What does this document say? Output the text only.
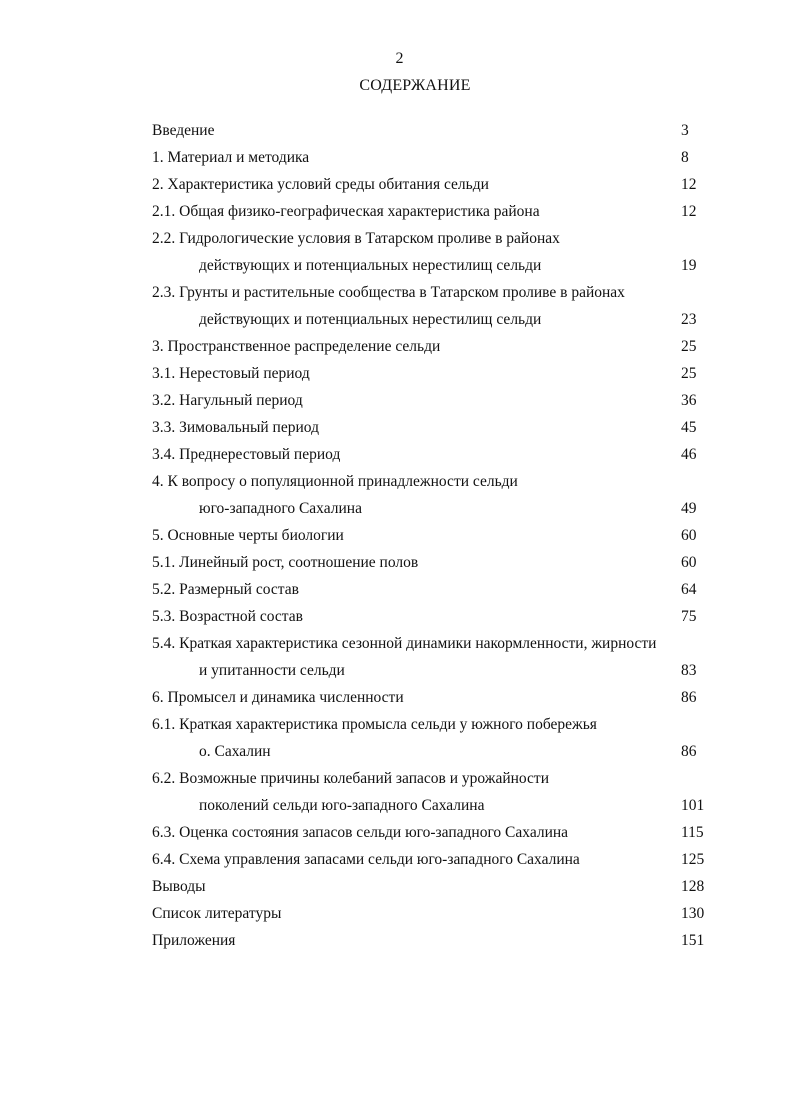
2
СОДЕРЖАНИЕ
Введение	3
1. Материал и методика	8
2. Характеристика условий среды обитания сельди	12
2.1. Общая физико-географическая характеристика района	12
2.2. Гидрологические условия в Татарском проливе в районах
действующих и потенциальных нерестилищ сельди	19
2.3. Грунты и растительные сообщества в Татарском проливе в районах
действующих и потенциальных нерестилищ сельди	23
3. Пространственное распределение сельди	25
3.1. Нерестовый период	25
3.2. Нагульный период	36
3.3. Зимовальный период	45
3.4. Преднерестовый период	46
4. К вопросу о популяционной принадлежности сельди
юго-западного Сахалина	49
5. Основные черты биологии	60
5.1. Линейный рост, соотношение полов	60
5.2. Размерный состав	64
5.3. Возрастной состав	75
5.4. Краткая характеристика сезонной динамики накормленности, жирности
и упитанности сельди	83
6. Промысел и динамика численности	86
6.1. Краткая характеристика промысла сельди у южного побережья
о. Сахалин	86
6.2. Возможные причины колебаний запасов и урожайности
поколений сельди юго-западного Сахалина	101
6.3. Оценка состояния запасов сельди юго-западного Сахалина	115
6.4. Схема управления запасами сельди юго-западного Сахалина	125
Выводы	128
Список литературы	130
Приложения	151
